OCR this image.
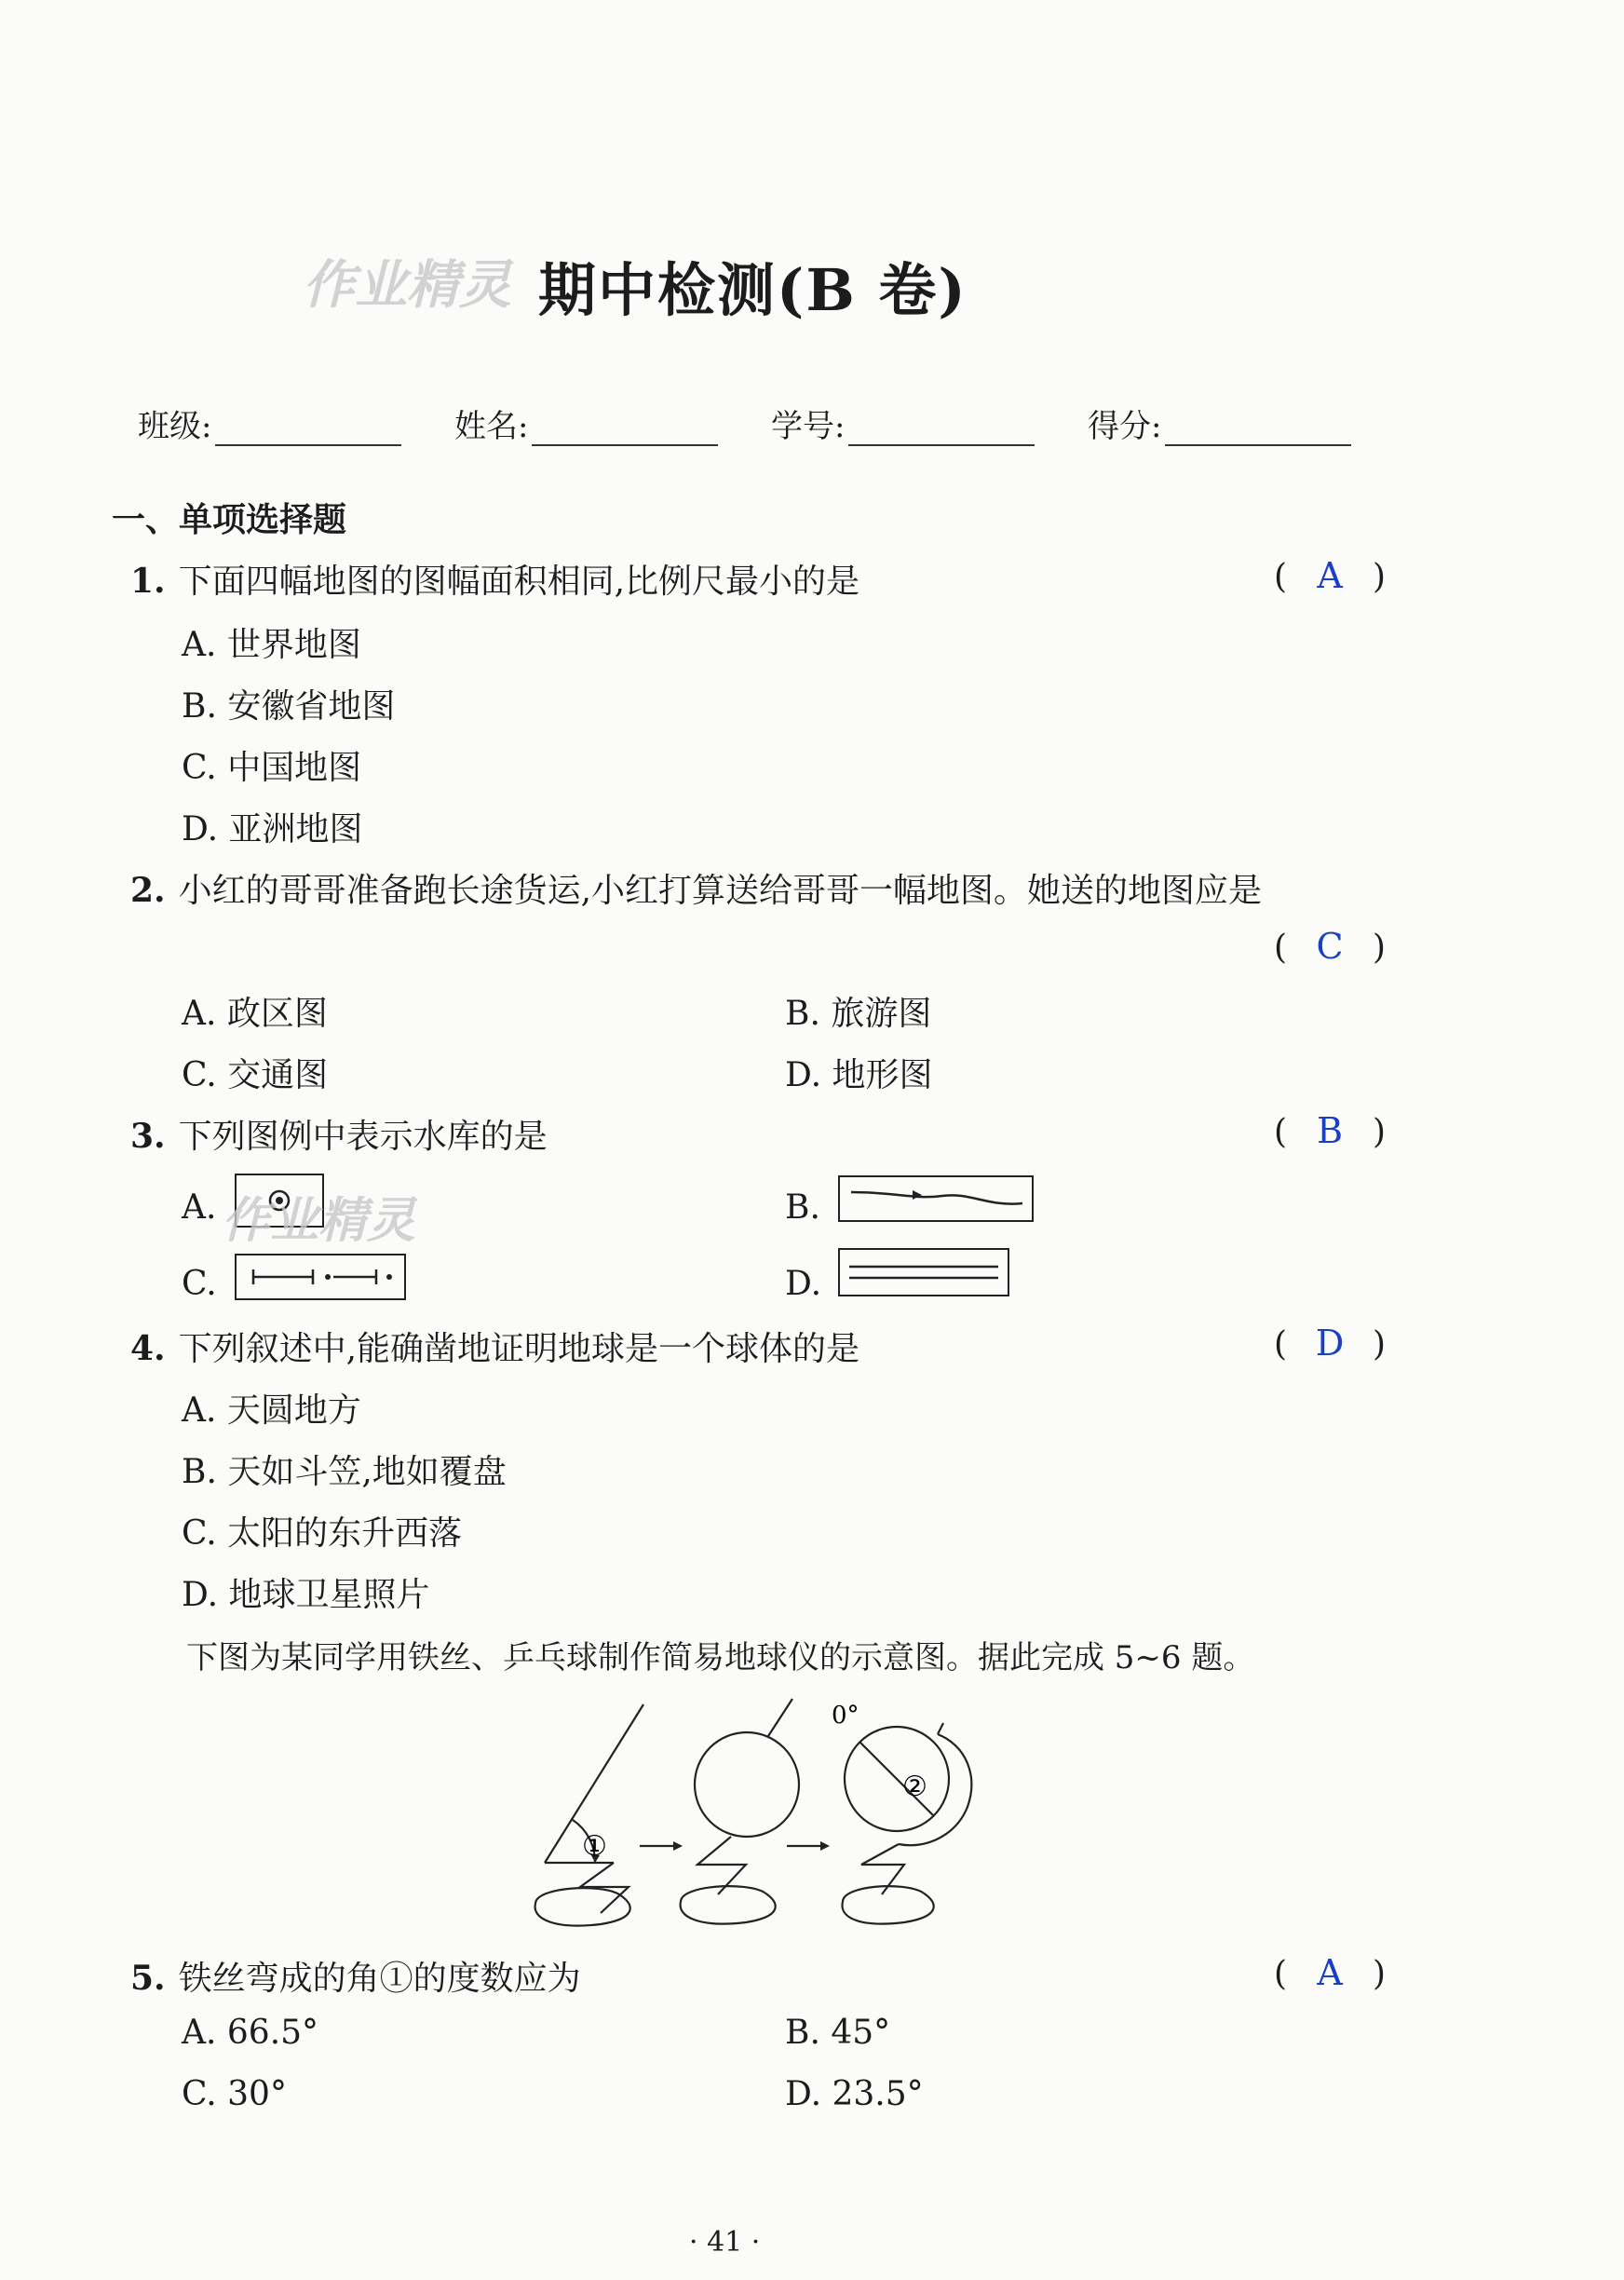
作业精灵 期中检测(B 卷)
班级:	姓名:	学号:	得分:
一、单项选择题
1. 下面四幅地图的图幅面积相同,比例尺最小的是	( A )
A. 世界地图
B. 安徽省地图
C. 中国地图
D. 亚洲地图
2. 小红的哥哥准备跑长途货运,小红打算送给哥哥一幅地图。她送的地图应是
( C )
A. 政区图	B. 旅游图
C. 交通图	D. 地形图
3. 下列图例中表示水库的是	( B )
A. 作业精灵	B.
C.	D.
4. 下列叙述中,能确凿地证明地球是一个球体的是	( D )
A. 天圆地方
B. 天如斗笠,地如覆盘
C. 太阳的东升西落
D. 地球卫星照片
下图为某同学用铁丝、乒乓球制作简易地球仪的示意图。据此完成 5~6 题。
①
②
0°
5. 铁丝弯成的角①的度数应为	( A )
A. 66.5°	B. 45°
C. 30°	D. 23.5°
· 41 ·
